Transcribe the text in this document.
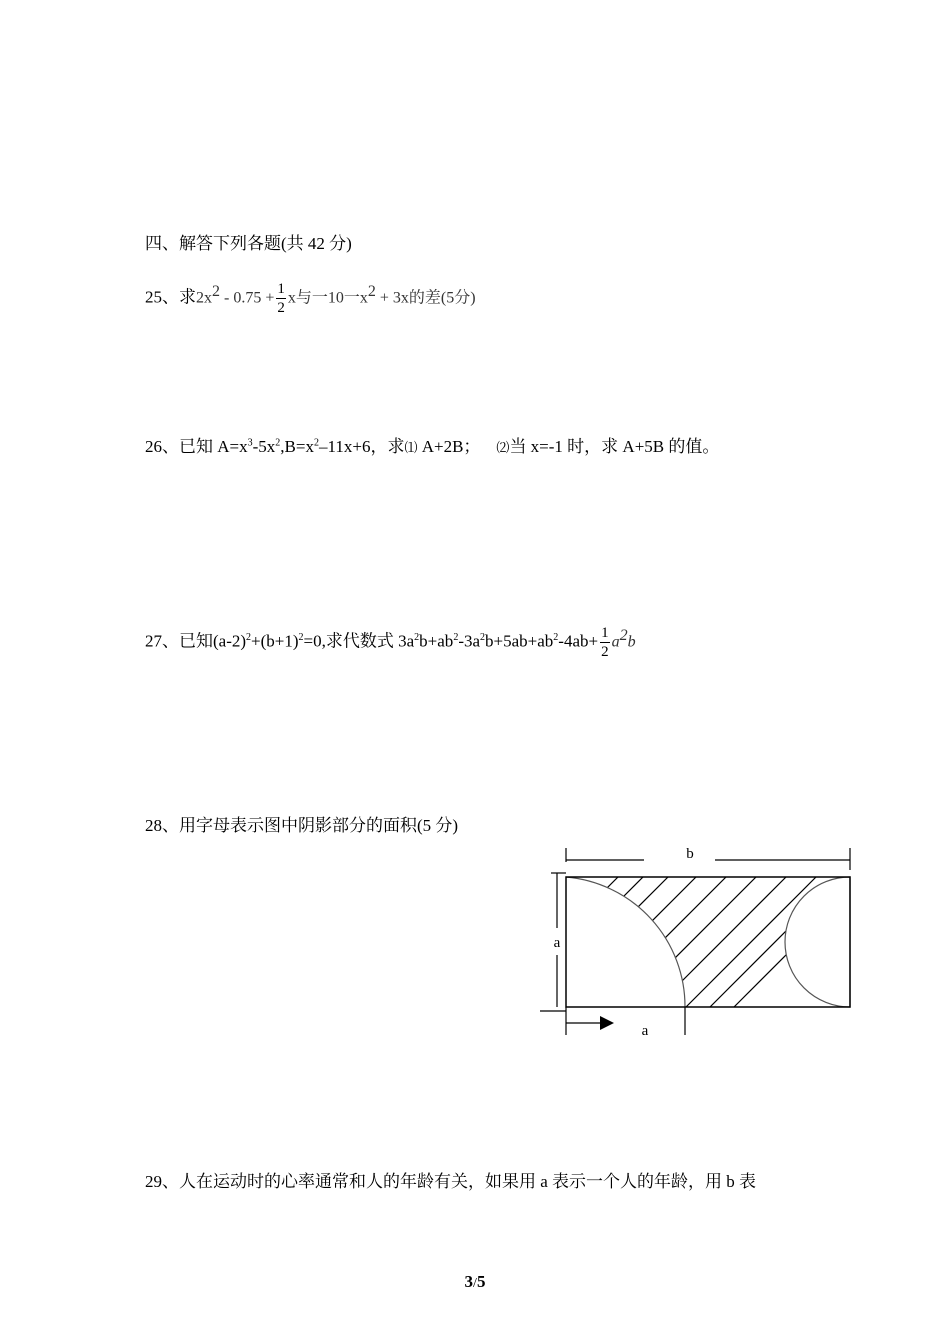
四、解答下列各题(共 42 分)
25、求$2x^2 - 0.75 + \frac{1}{2}$ x与一10一$x^2 + 3x$的差(5分)
26、已知 $A=x^3-5x^2,B=x^2-11x+6$，求⑴ A+2B； ⑵当 x=-1 时，求 A+5B 的值。
27、已知$(a-2)^2+(b+1)^2=0$,求代数式 $3a^2b+ab^2-3a^2b+5ab+ab^2-4ab+ \frac{1}{2} a^2b$
28、用字母表示图中阴影部分的面积(5 分)
b
a
a
29、人在运动时的心率通常和人的年龄有关，如果用 a 表示一个人的年龄，用 b 表
3/5
